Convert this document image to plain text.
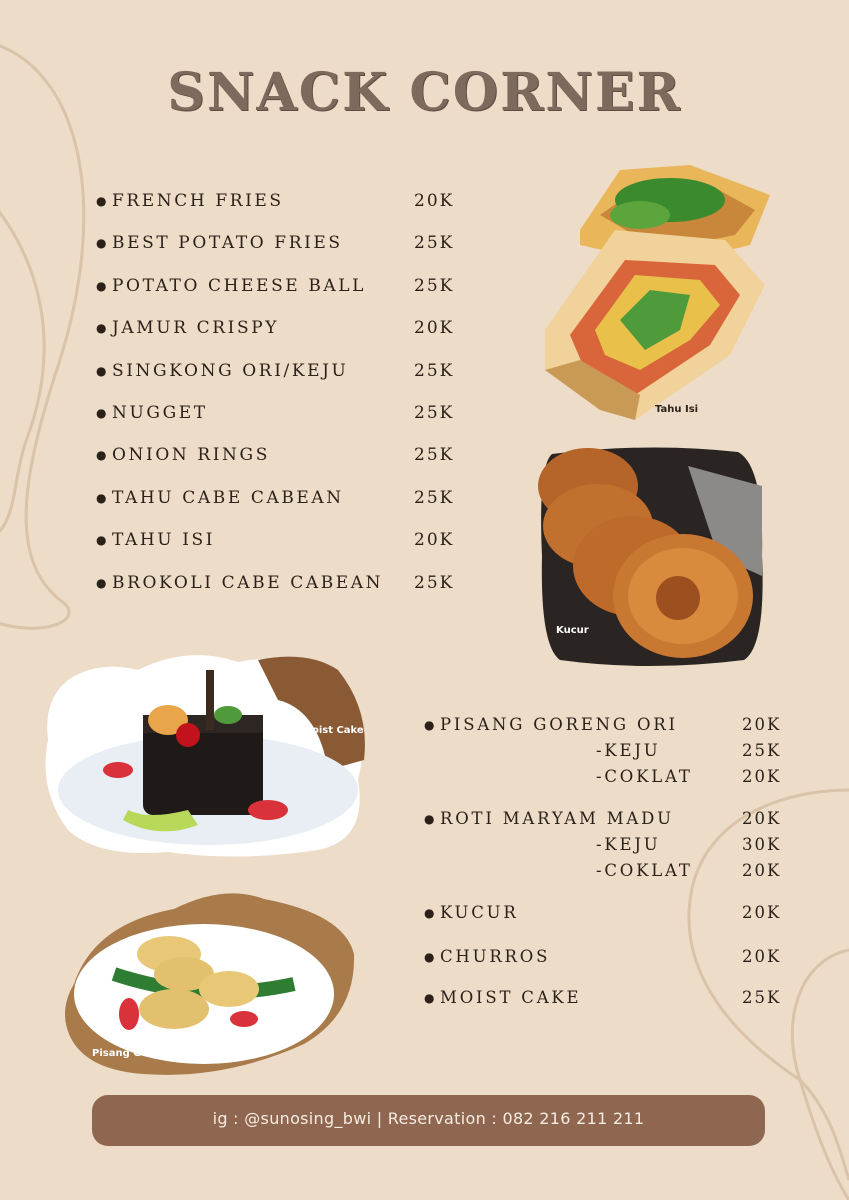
SNACK CORNER
● FRENCH FRIES	20K
● BEST POTATO FRIES	25K
● POTATO CHEESE BALL	25K
● JAMUR CRISPY	20K
● SINGKONG ORI/KEJU	25K
● NUGGET	25K
● ONION RINGS	25K
● TAHU CABE CABEAN	25K
● TAHU ISI	20K
● BROKOLI CABE CABEAN 25K
Tahu Isi
Kucur
Moist Cake
Pisang Goreng original
● PISANG GORENG ORI	20K
-KEJU	25K
-COKLAT	20K
● ROTI MARYAM MADU	20K
-KEJU	30K
-COKLAT	20K
● KUCUR	20K
● CHURROS	20K
● MOIST CAKE	25K
ig : @sunosing_bwi | Reservation : 082 216 211 211
